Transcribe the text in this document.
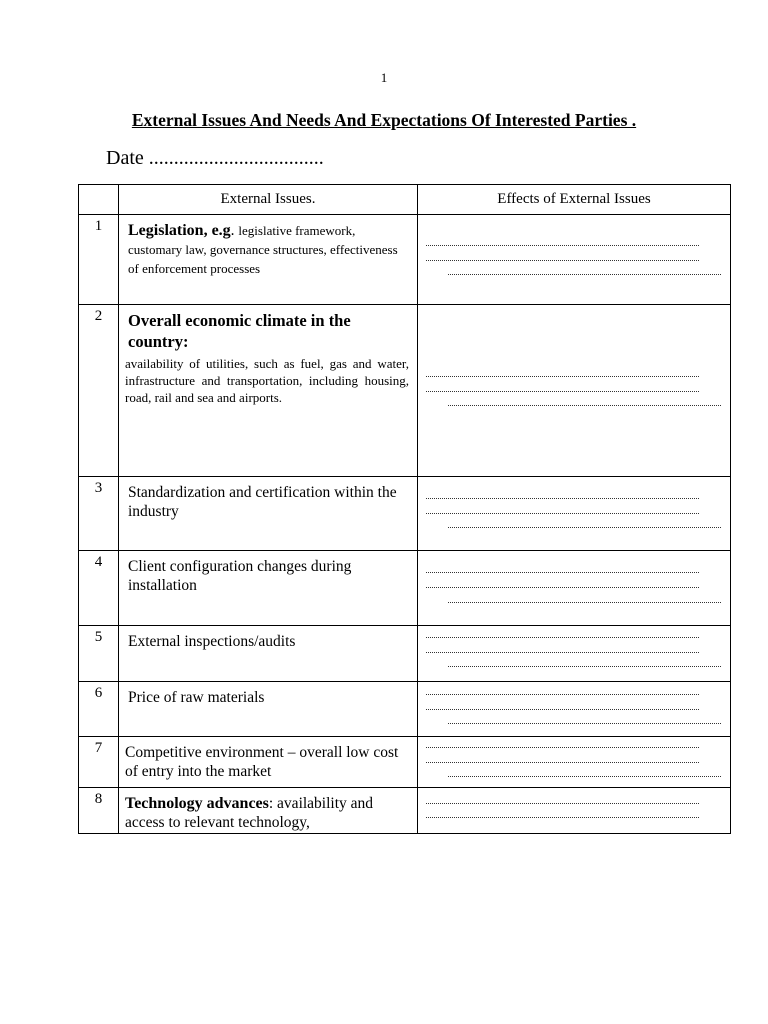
1
External Issues And Needs And Expectations Of Interested Parties .
Date ...................................
	External Issues.	Effects of External Issues
1	Legislation, e.g. legislative framework, customary law, governance structures, effectiveness of enforcement processes	

2	Overall economic climate in the country:
availability of utilities, such as fuel, gas and water, infrastructure and transportation, including housing, road, rail and sea and airports.	

3	Standardization and certification within the industry	

4	Client configuration changes during installation	

5	External inspections/audits	

6	Price of raw materials	

7	Competitive environment – overall low cost of entry into the market	

8	Technology advances: availability and access to relevant technology,	
